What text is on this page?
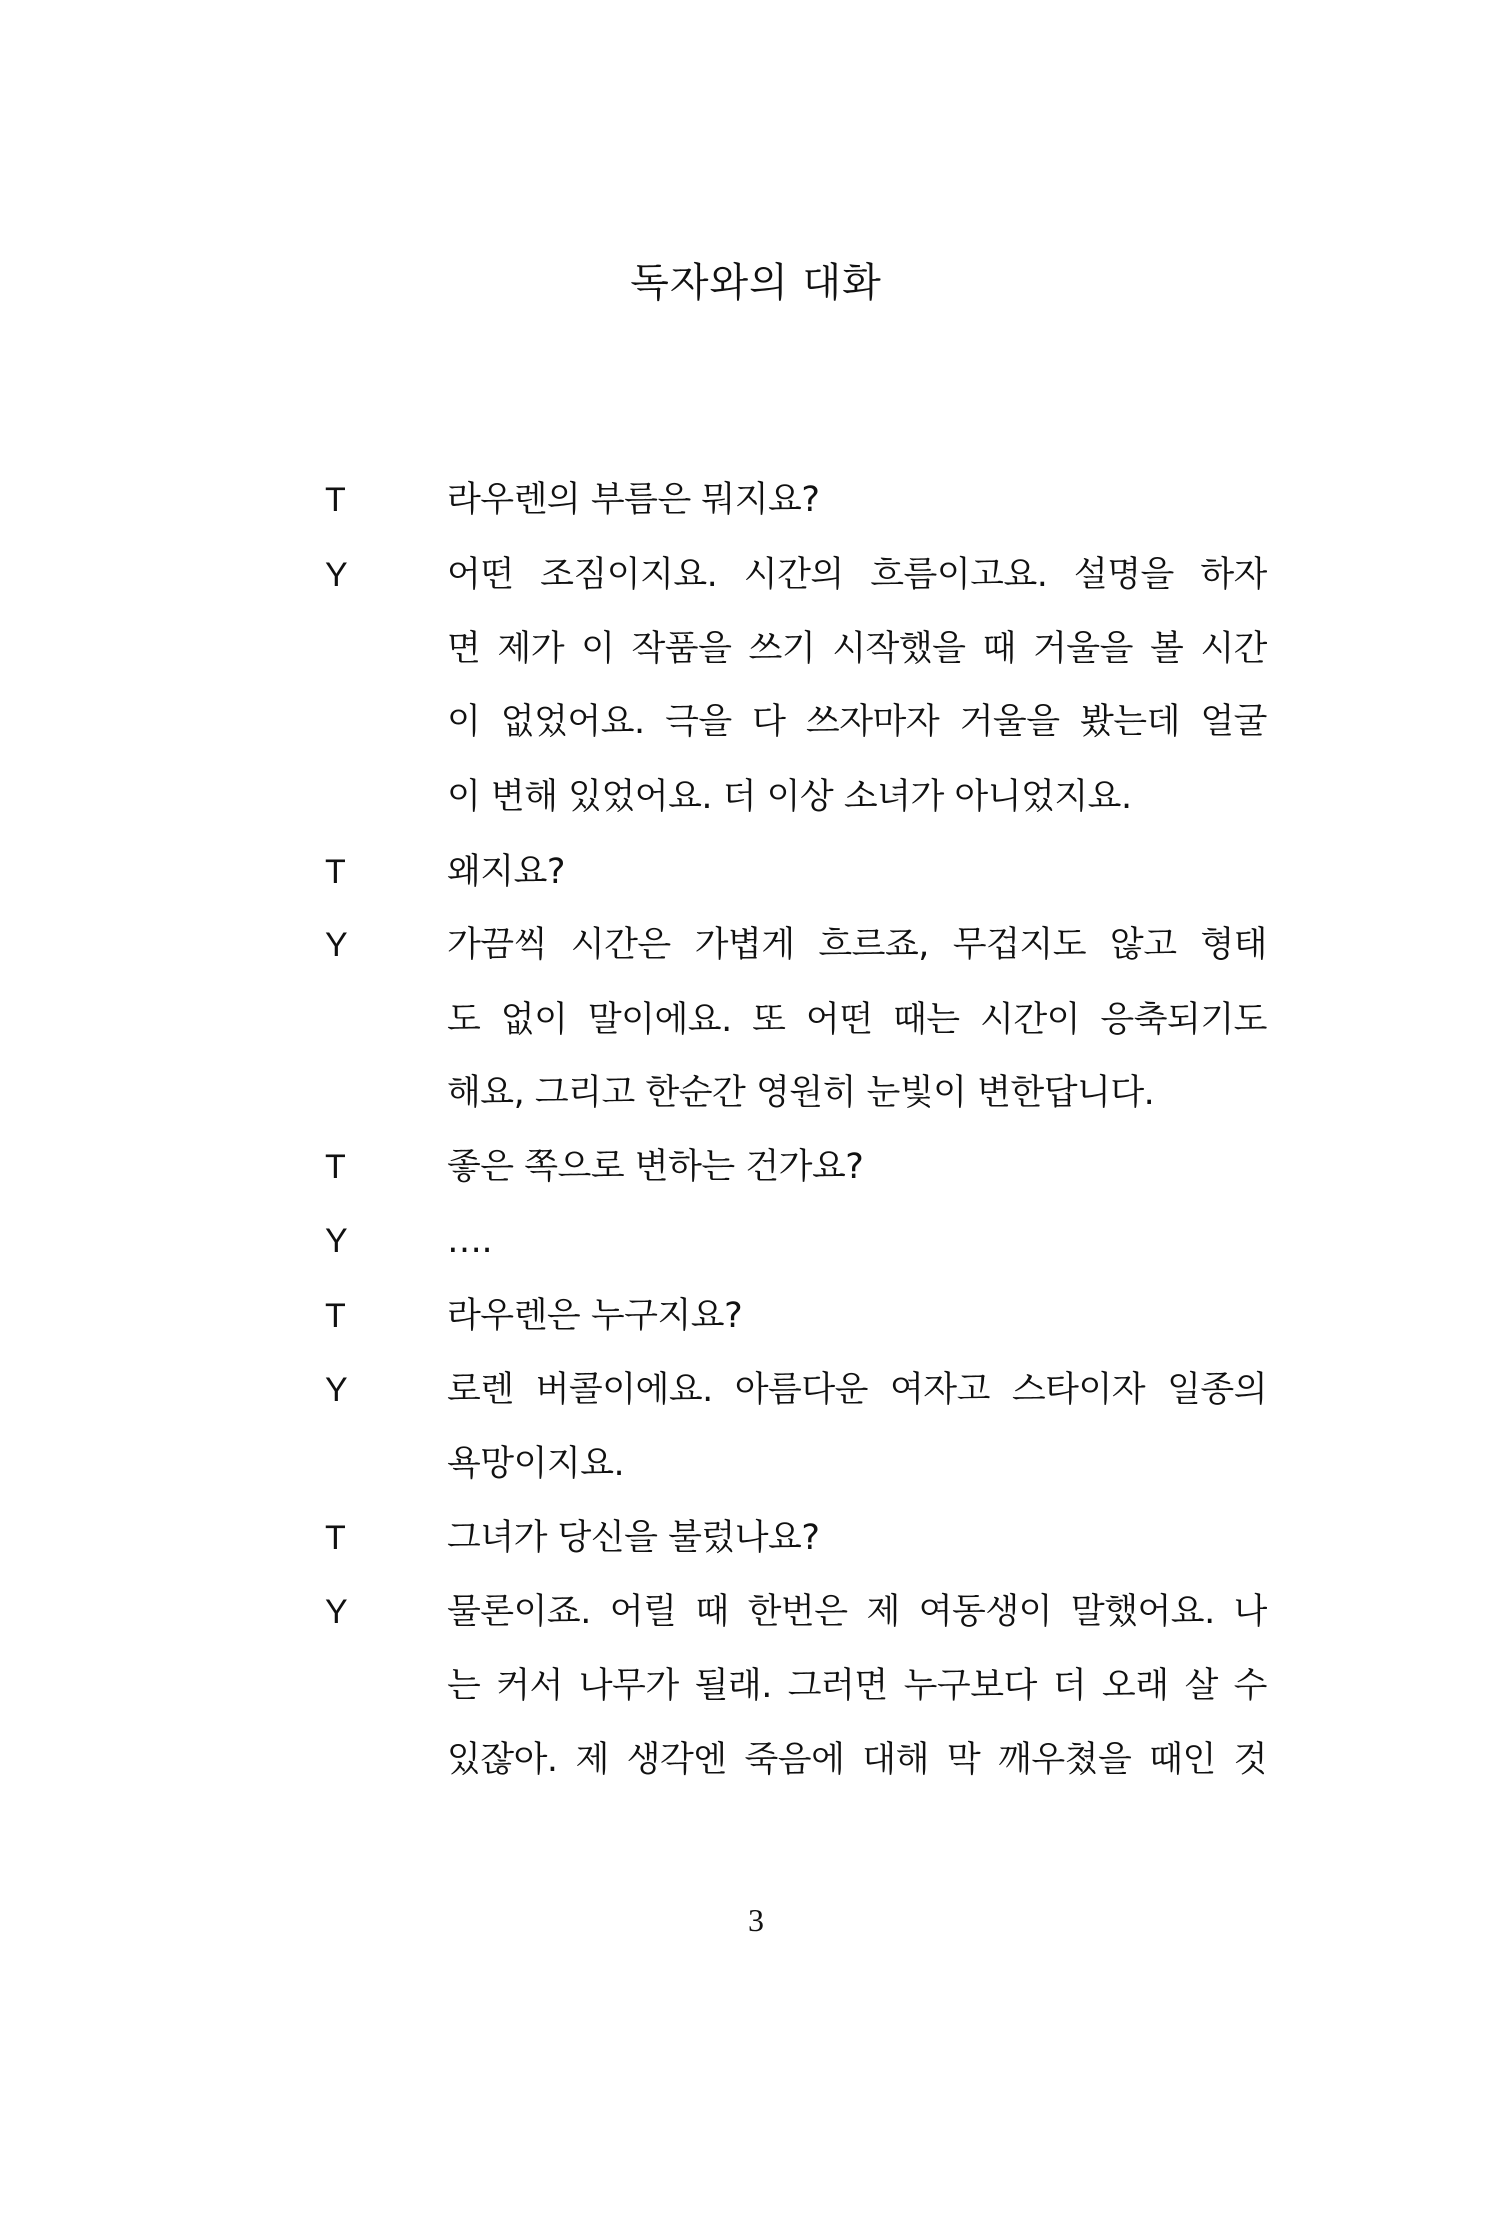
독자와의 대화
T	라우렌의 부름은 뭐지요?
Y	어떤 조짐이지요. 시간의 흐름이고요. 설명을 하자
면 제가 이 작품을 쓰기 시작했을 때 거울을 볼 시간
이 없었어요. 극을 다 쓰자마자 거울을 봤는데 얼굴
이 변해 있었어요. 더 이상 소녀가 아니었지요.
T	왜지요?
Y	가끔씩 시간은 가볍게 흐르죠, 무겁지도 않고 형태
도 없이 말이에요. 또 어떤 때는 시간이 응축되기도
해요, 그리고 한순간 영원히 눈빛이 변한답니다.
T	좋은 쪽으로 변하는 건가요?
Y	….
T	라우렌은 누구지요?
Y	로렌 버콜이에요. 아름다운 여자고 스타이자 일종의
욕망이지요.
T	그녀가 당신을 불렀나요?
Y	물론이죠. 어릴 때 한번은 제 여동생이 말했어요. 나
는 커서 나무가 될래. 그러면 누구보다 더 오래 살 수
있잖아. 제 생각엔 죽음에 대해 막 깨우쳤을 때인 것
3
